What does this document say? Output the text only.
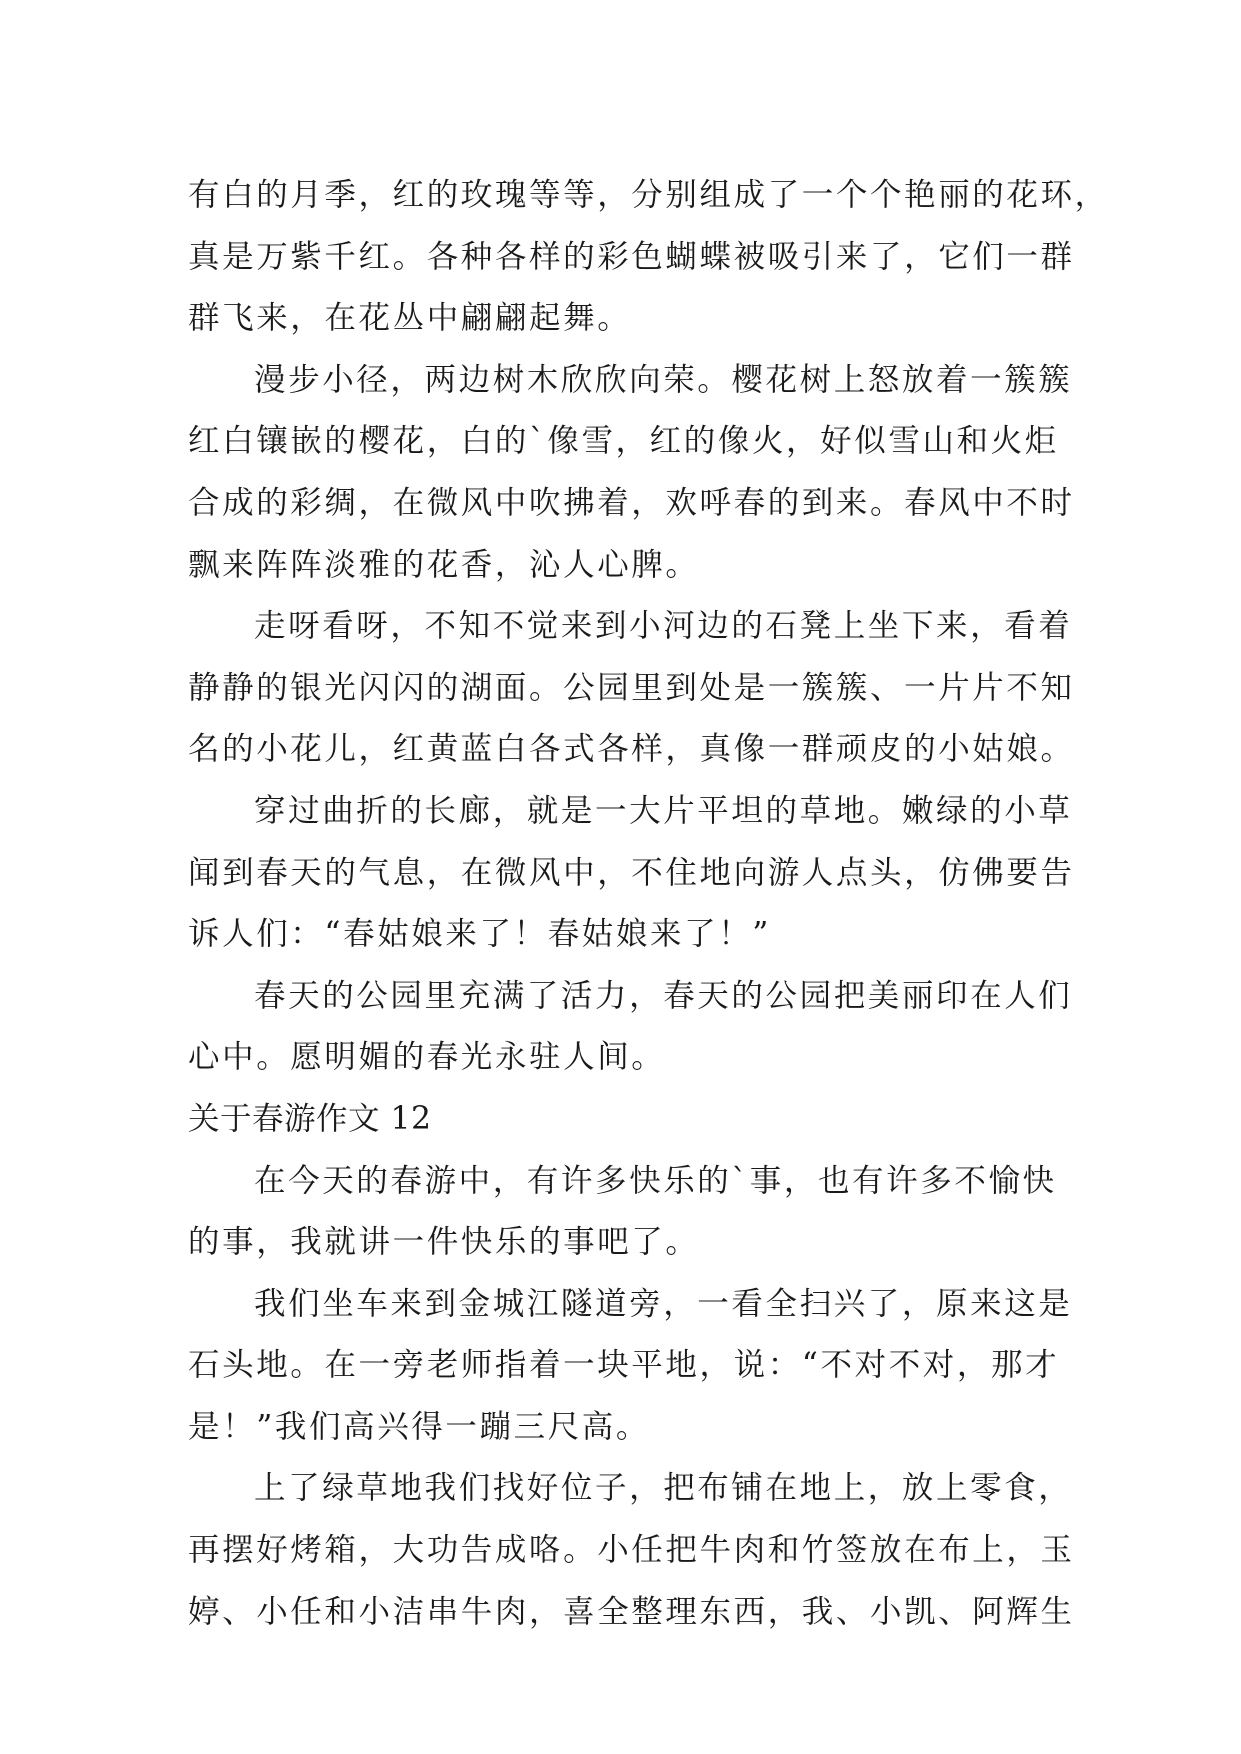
有白的月季，红的玫瑰等等，分别组成了一个个艳丽的花环，
真是万紫千红。各种各样的彩色蝴蝶被吸引来了，它们一群
群飞来，在花丛中翩翩起舞。
漫步小径，两边树木欣欣向荣。樱花树上怒放着一簇簇
红白镶嵌的樱花，白的`像雪，红的像火，好似雪山和火炬
合成的彩绸，在微风中吹拂着，欢呼春的到来。春风中不时
飘来阵阵淡雅的花香，沁人心脾。
走呀看呀，不知不觉来到小河边的石凳上坐下来，看着
静静的银光闪闪的湖面。公园里到处是一簇簇、一片片不知
名的小花儿，红黄蓝白各式各样，真像一群顽皮的小姑娘。
穿过曲折的长廊，就是一大片平坦的草地。嫩绿的小草
闻到春天的气息，在微风中，不住地向游人点头，仿佛要告
诉人们：“春姑娘来了！春姑娘来了！”
春天的公园里充满了活力，春天的公园把美丽印在人们
心中。愿明媚的春光永驻人间。
关于春游作文 12
在今天的春游中，有许多快乐的`事，也有许多不愉快
的事，我就讲一件快乐的事吧了。
我们坐车来到金城江隧道旁，一看全扫兴了，原来这是
石头地。在一旁老师指着一块平地，说：“不对不对，那才
是！”我们高兴得一蹦三尺高。
上了绿草地我们找好位子，把布铺在地上，放上零食，
再摆好烤箱，大功告成咯。小任把牛肉和竹签放在布上，玉
婷、小任和小洁串牛肉，喜全整理东西，我、小凯、阿辉生
